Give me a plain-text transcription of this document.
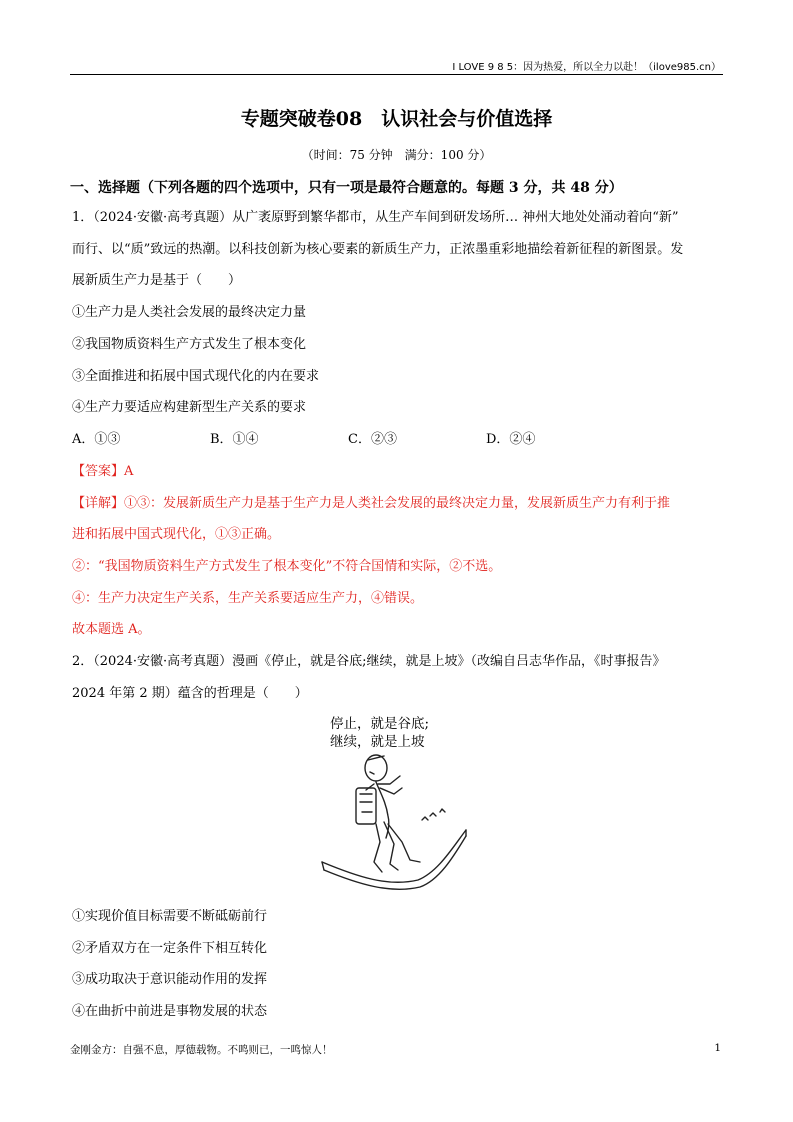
I LOVE 9 8 5：因为热爱，所以全力以赴！（ilove985.cn）
专题突破卷08　认识社会与价值选择
（时间：75 分钟　满分：100 分）
一、选择题（下列各题的四个选项中，只有一项是最符合题意的。每题 3 分，共 48 分）
1．（2024·安徽·高考真题）从广袤原野到繁华都市，从生产车间到研发场所… 神州大地处处涌动着向“新”
而行、以“质”致远的热潮。以科技创新为核心要素的新质生产力，正浓墨重彩地描绘着新征程的新图景。发
展新质生产力是基于（　　）
①生产力是人类社会发展的最终决定力量
②我国物质资料生产方式发生了根本变化
③全面推进和拓展中国式现代化的内在要求
④生产力要适应构建新型生产关系的要求
A．①③	B．①④	C．②③	D．②④
【答案】A
【详解】①③：发展新质生产力是基于生产力是人类社会发展的最终决定力量，发展新质生产力有利于推
进和拓展中国式现代化，①③正确。
②：“我国物质资料生产方式发生了根本变化”不符合国情和实际，②不选。
④：生产力决定生产关系，生产关系要适应生产力，④错误。
故本题选 A。
2．（2024·安徽·高考真题）漫画《停止，就是谷底;继续，就是上坡》（改编自吕志华作品，《时事报告》
2024 年第 2 期）蕴含的哲理是（　　）
停止，就是谷底;
继续，就是上坡
①实现价值目标需要不断砥砺前行
②矛盾双方在一定条件下相互转化
③成功取决于意识能动作用的发挥
④在曲折中前进是事物发展的状态
金刚金方：自强不息，厚德载物。不鸣则已，一鸣惊人！	1
